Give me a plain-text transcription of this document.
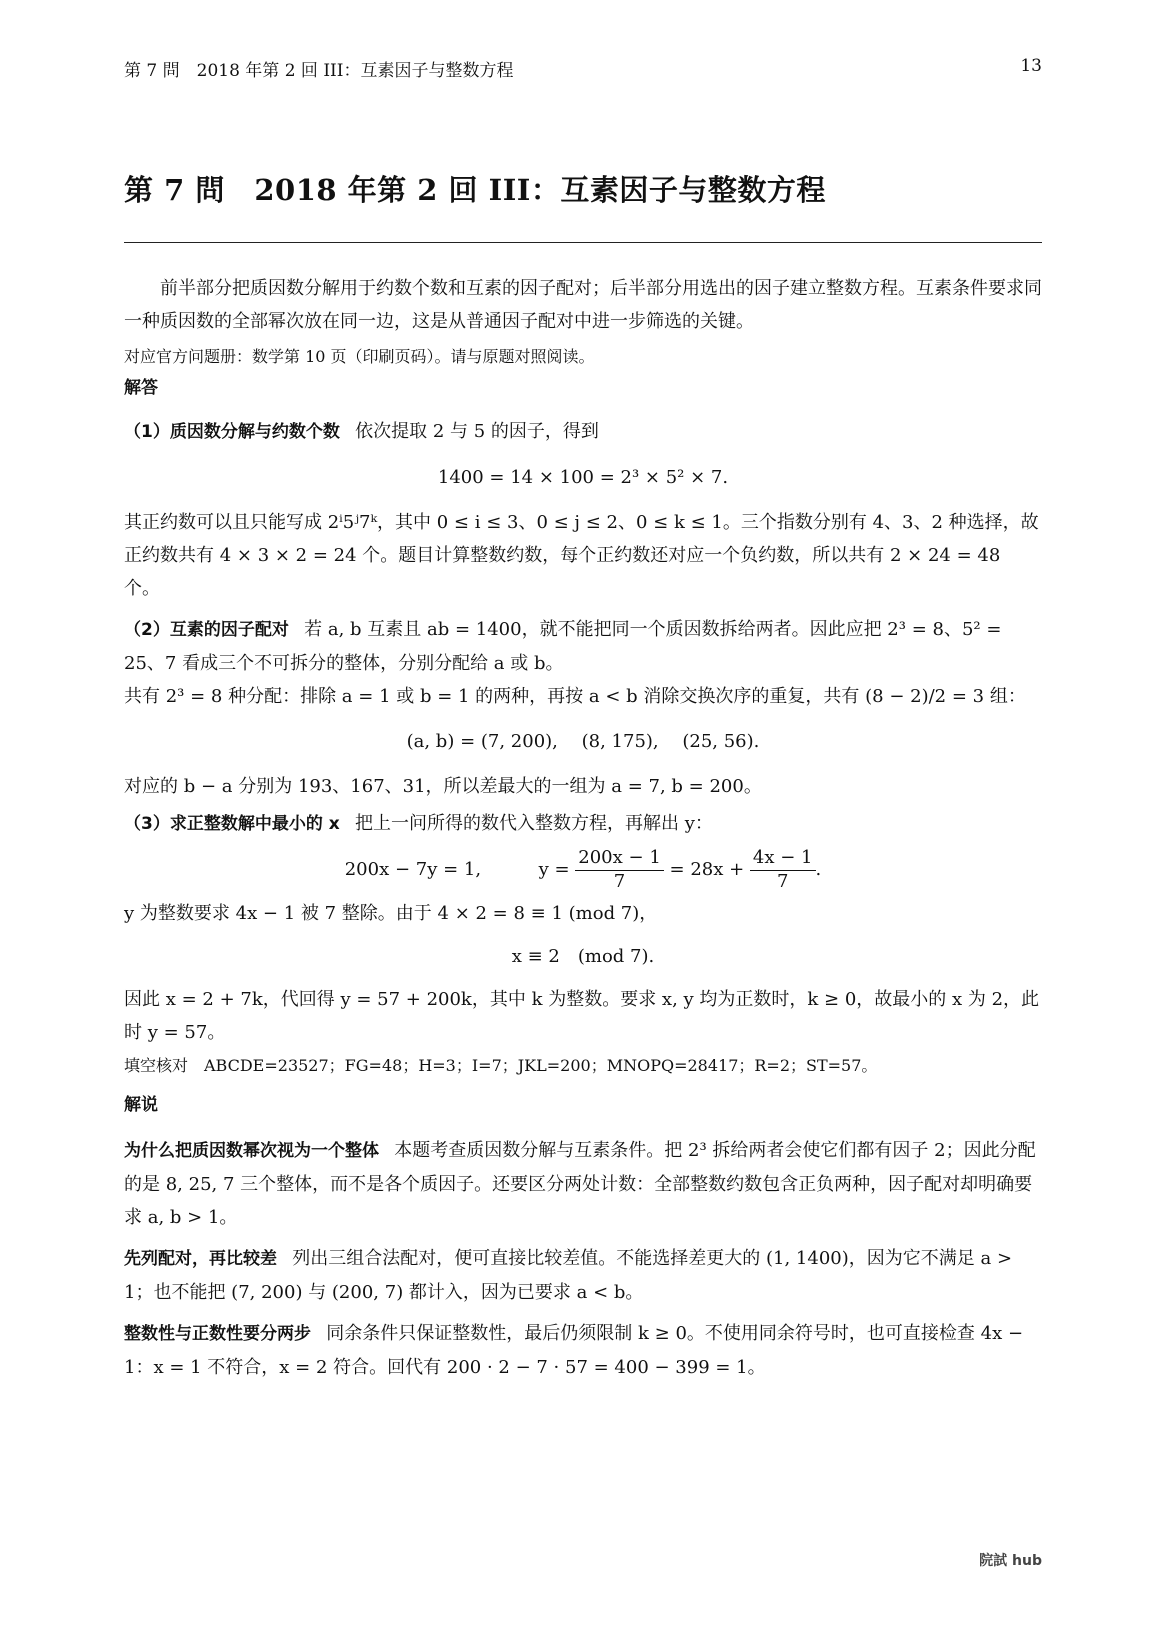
第 7 問　2018 年第 2 回 III：互素因子与整数方程	13
第 7 問　2018 年第 2 回 III：互素因子与整数方程

前半部分把质因数分解用于约数个数和互素的因子配对；后半部分用选出的因子建立整数方程。互素条件要求同一种质因数的全部幂次放在同一边，这是从普通因子配对中进一步筛选的关键。

对应官方问题册：数学第 10 页（印刷页码）。请与原题对照阅读。

解答

（1）质因数分解与约数个数 依次提取 2 与 5 的因子，得到

1400 = 14 × 100 = 2³ × 5² × 7.

其正约数可以且只能写成 2ⁱ5ʲ7ᵏ，其中 0 ≤ i ≤ 3、0 ≤ j ≤ 2、0 ≤ k ≤ 1。三个指数分别有 4、3、2 种选择，故正约数共有 4 × 3 × 2 = 24 个。题目计算整数约数，每个正约数还对应一个负约数，所以共有 2 × 24 = 48 个。

（2）互素的因子配对 若 a, b 互素且 ab = 1400，就不能把同一个质因数拆给两者。因此应把 2³ = 8、5² = 25、7 看成三个不可拆分的整体，分别分配给 a 或 b。

共有 2³ = 8 种分配：排除 a = 1 或 b = 1 的两种，再按 a < b 消除交换次序的重复，共有 (8 − 2)/2 = 3 组：

(a, b) = (7, 200),　 (8, 175),　 (25, 56).

对应的 b − a 分别为 193、167、31，所以差最大的一组为 a = 7, b = 200。

（3）求正整数解中最小的 x 把上一问所得的数代入整数方程，再解出 y：

200x − 7y = 1,	$y = \frac{200x - 1}{7} = 28x + \frac{4x - 1}{7}$ .

y 为整数要求 4x − 1 被 7 整除。由于 4 × 2 = 8 ≡ 1 (mod 7)，

x ≡ 2　(mod 7).

因此 x = 2 + 7k，代回得 y = 57 + 200k，其中 k 为整数。要求 x, y 均为正数时，k ≥ 0，故最小的 x 为 2，此时 y = 57。

填空核对　ABCDE=23527；FG=48；H=3；I=7；JKL=200；MNOPQ=28417；R=2；ST=57。

解说

为什么把质因数幂次视为一个整体 本题考查质因数分解与互素条件。把 2³ 拆给两者会使它们都有因子 2；因此分配的是 8, 25, 7 三个整体，而不是各个质因子。还要区分两处计数：全部整数约数包含正负两种，因子配对却明确要求 a, b > 1。

先列配对，再比较差 列出三组合法配对，便可直接比较差值。不能选择差更大的 (1, 1400)，因为它不满足 a > 1；也不能把 (7, 200) 与 (200, 7) 都计入，因为已要求 a < b。

整数性与正数性要分两步 同余条件只保证整数性，最后仍须限制 k ≥ 0。不使用同余符号时，也可直接检查 4x − 1：x = 1 不符合，x = 2 符合。回代有 200 · 2 − 7 · 57 = 400 − 399 = 1。

院試 hub
